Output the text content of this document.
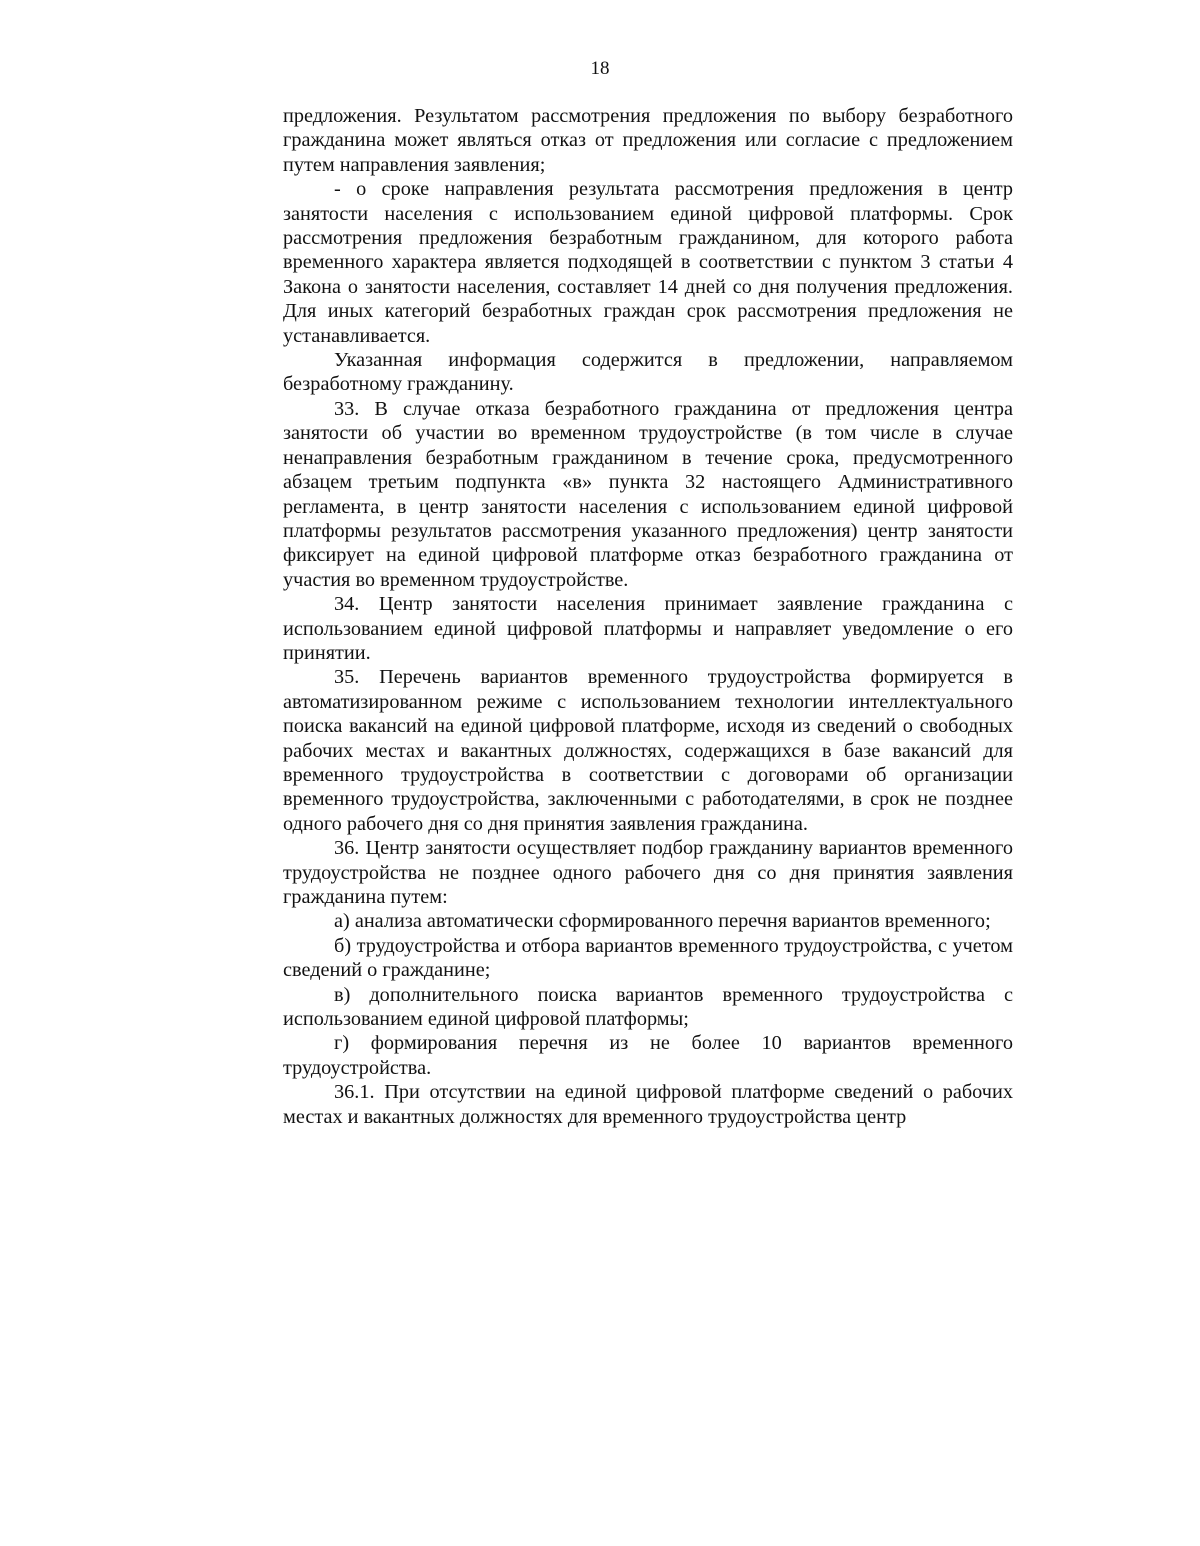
18

предложения. Результатом рассмотрения предложения по выбору безработного гражданина может являться отказ от предложения или согласие с предложением путем направления заявления;

- о сроке направления результата рассмотрения предложения в центр занятости населения с использованием единой цифровой платформы. Срок рассмотрения предложения безработным гражданином, для которого работа временного характера является подходящей в соответствии с пунктом 3 статьи 4 Закона о занятости населения, составляет 14 дней со дня получения предложения. Для иных категорий безработных граждан срок рассмотрения предложения не устанавливается.

Указанная информация содержится в предложении, направляемом безработному гражданину.

33. В случае отказа безработного гражданина от предложения центра занятости об участии во временном трудоустройстве (в том числе в случае ненаправления безработным гражданином в течение срока, предусмотренного абзацем третьим подпункта «в» пункта 32 настоящего Административного регламента, в центр занятости населения с использованием единой цифровой платформы результатов рассмотрения указанного предложения) центр занятости фиксирует на единой цифровой платформе отказ безработного гражданина от участия во временном трудоустройстве.

34. Центр занятости населения принимает заявление гражданина с использованием единой цифровой платформы и направляет уведомление о его принятии.

35. Перечень вариантов временного трудоустройства формируется в автоматизированном режиме с использованием технологии интеллектуального поиска вакансий на единой цифровой платформе, исходя из сведений о свободных рабочих местах и вакантных должностях, содержащихся в базе вакансий для временного трудоустройства в соответствии с договорами об организации временного трудоустройства, заключенными с работодателями, в срок не позднее одного рабочего дня со дня принятия заявления гражданина.

36. Центр занятости осуществляет подбор гражданину вариантов временного трудоустройства не позднее одного рабочего дня со дня принятия заявления гражданина путем:

а) анализа автоматически сформированного перечня вариантов временного;

б) трудоустройства и отбора вариантов временного трудоустройства, с учетом сведений о гражданине;

в) дополнительного поиска вариантов временного трудоустройства с использованием единой цифровой платформы;

г) формирования перечня из не более 10 вариантов временного трудоустройства.

36.1. При отсутствии на единой цифровой платформе сведений о рабочих местах и вакантных должностях для временного трудоустройства центр
